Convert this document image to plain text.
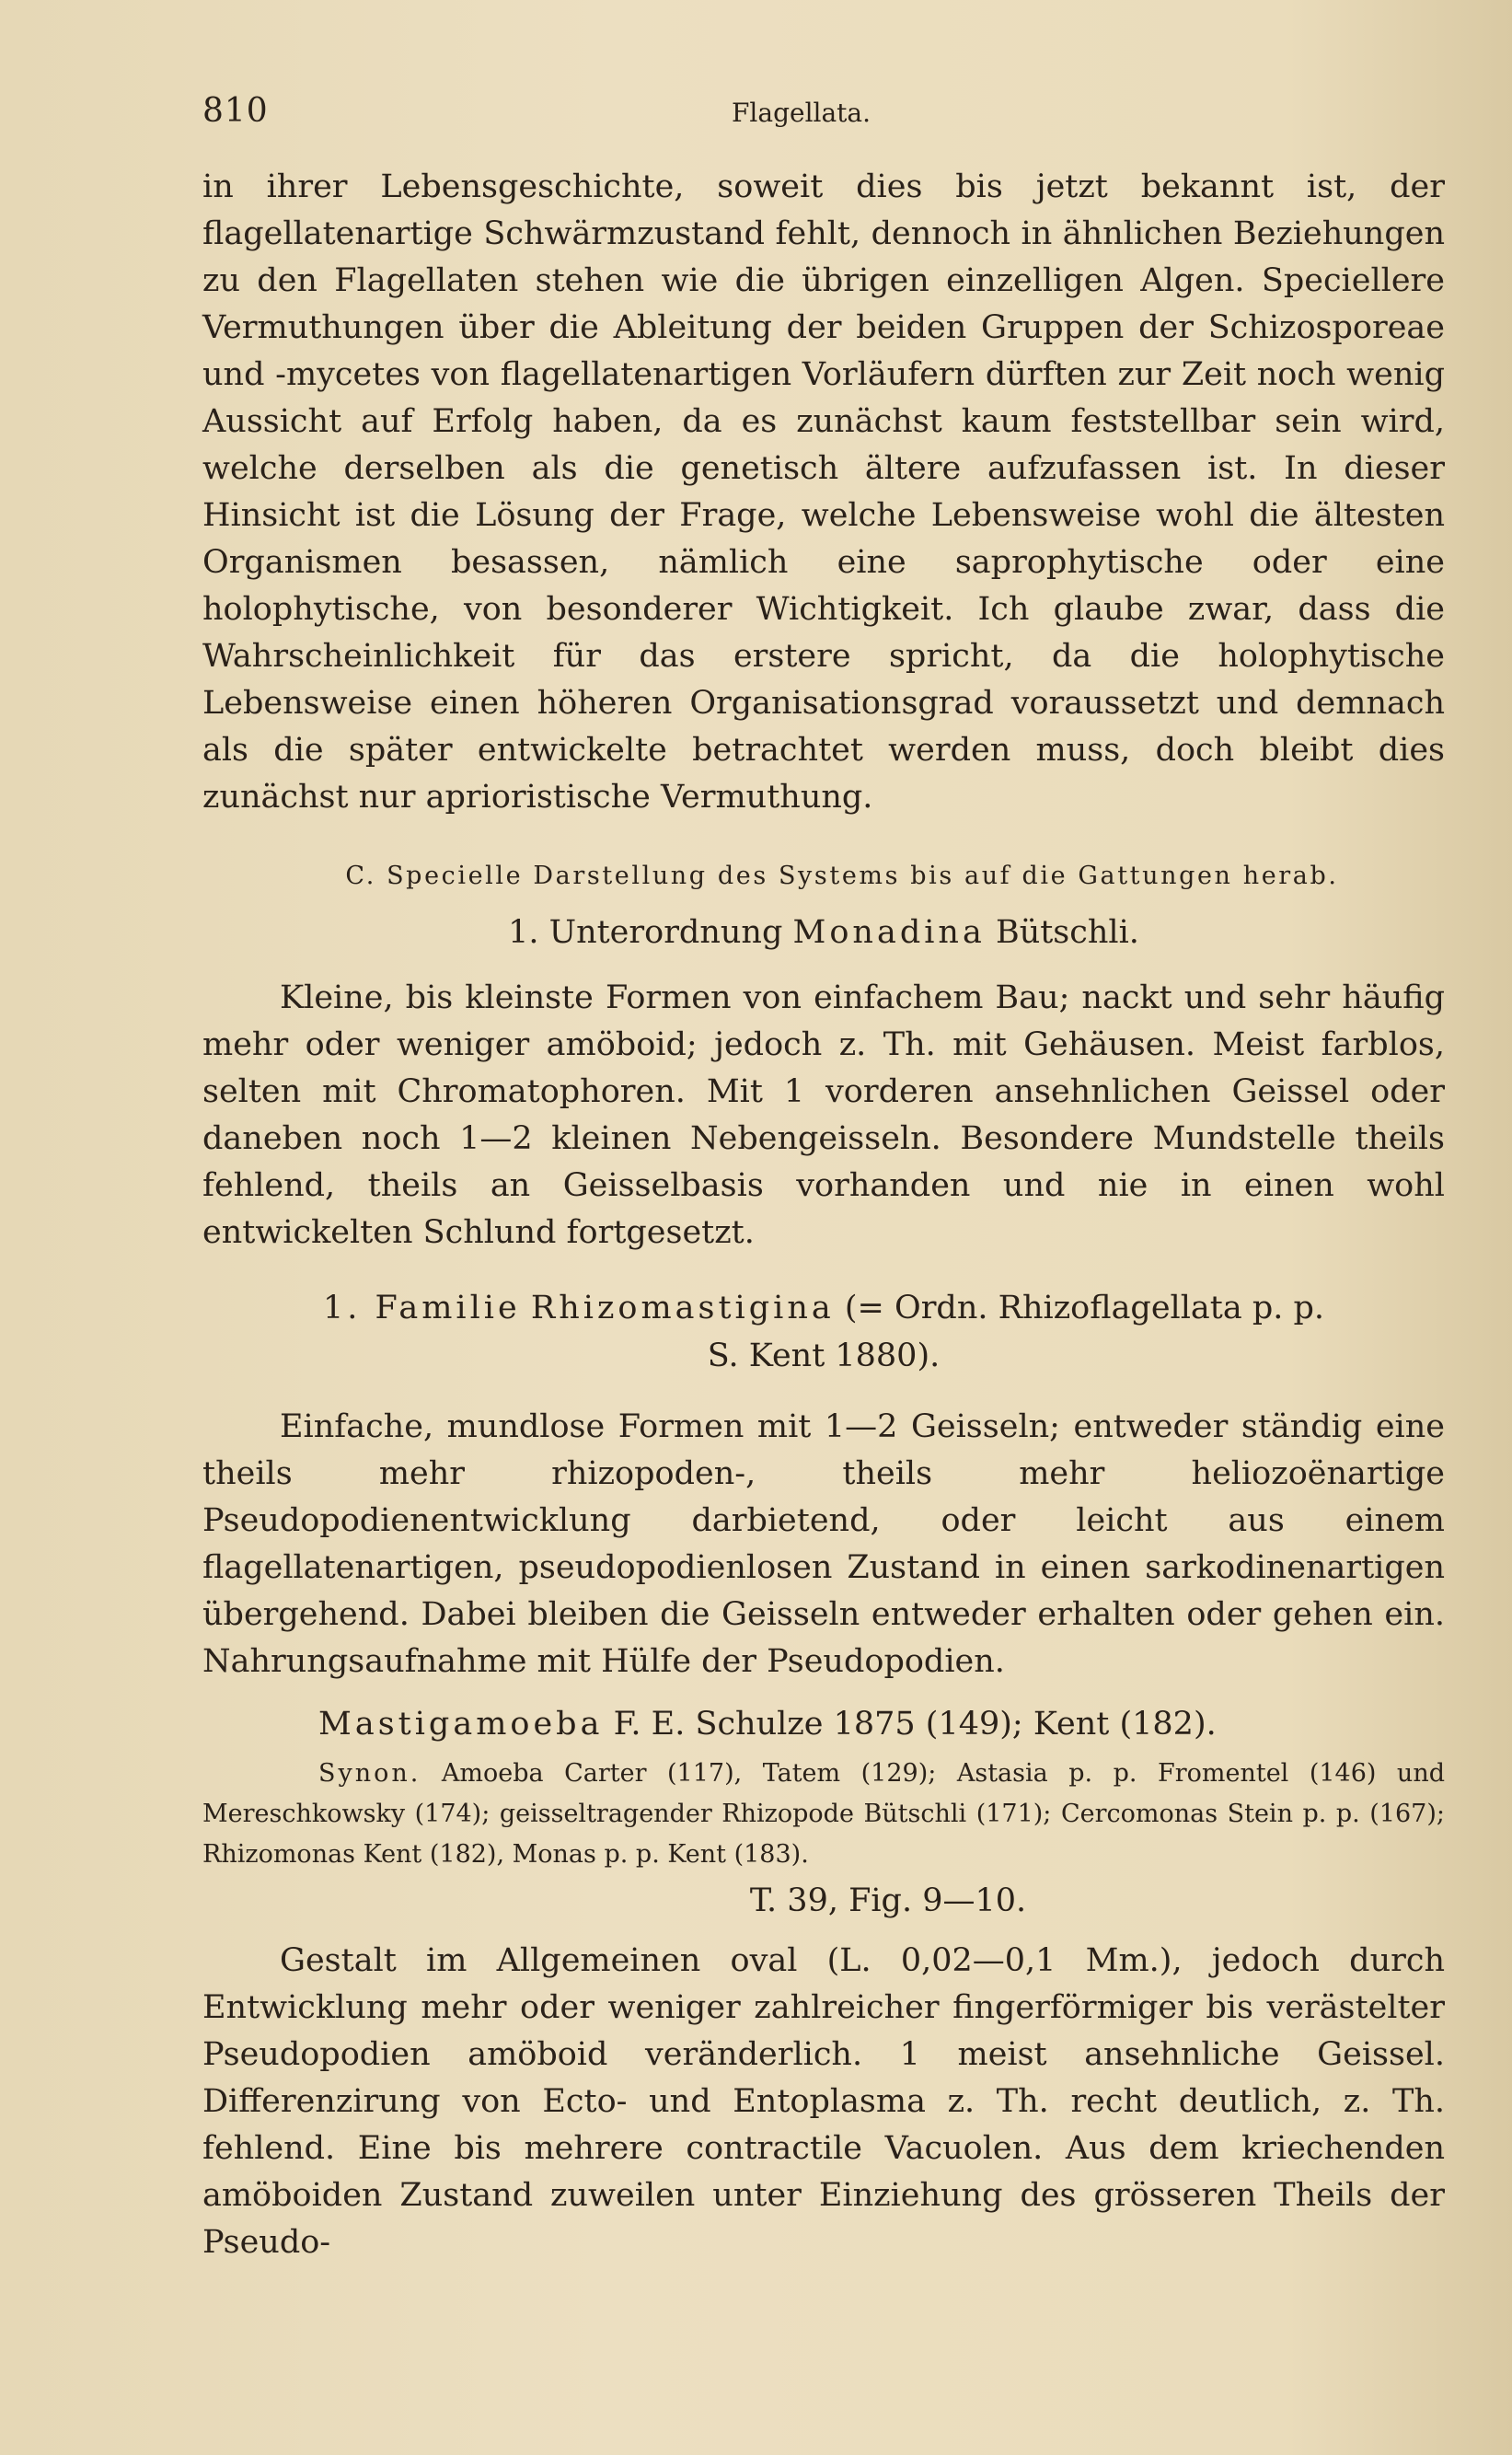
810	Flagellata.

in ihrer Lebensgeschichte, soweit dies bis jetzt bekannt ist, der flagellatenartige Schwärmzustand fehlt, dennoch in ähnlichen Beziehungen zu den Flagellaten stehen wie die übrigen einzelligen Algen. Speciellere Vermuthungen über die Ableitung der beiden Gruppen der Schizosporeae und -mycetes von flagellatenartigen Vorläufern dürften zur Zeit noch wenig Aussicht auf Erfolg haben, da es zunächst kaum feststellbar sein wird, welche derselben als die genetisch ältere aufzufassen ist. In dieser Hinsicht ist die Lösung der Frage, welche Lebensweise wohl die ältesten Organismen besassen, nämlich eine saprophytische oder eine holophytische, von besonderer Wichtigkeit. Ich glaube zwar, dass die Wahrscheinlichkeit für das erstere spricht, da die holophytische Lebensweise einen höheren Organisationsgrad voraussetzt und demnach als die später entwickelte betrachtet werden muss, doch bleibt dies zunächst nur aprioristische Vermuthung.

C. Specielle Darstellung des Systems bis auf die Gattungen herab.

1. Unterordnung Monadina Bütschli.

Kleine, bis kleinste Formen von einfachem Bau; nackt und sehr häufig mehr oder weniger amöboid; jedoch z. Th. mit Gehäusen. Meist farblos, selten mit Chromatophoren. Mit 1 vorderen ansehnlichen Geissel oder daneben noch 1—2 kleinen Nebengeisseln. Besondere Mundstelle theils fehlend, theils an Geisselbasis vorhanden und nie in einen wohl entwickelten Schlund fortgesetzt.

1. Familie Rhizomastigina (= Ordn. Rhizoflagellata p. p.
S. Kent 1880).

Einfache, mundlose Formen mit 1—2 Geisseln; entweder ständig eine theils mehr rhizopoden-, theils mehr heliozoënartige Pseudopodienentwicklung darbietend, oder leicht aus einem flagellatenartigen, pseudopodienlosen Zustand in einen sarkodinenartigen übergehend. Dabei bleiben die Geisseln entweder erhalten oder gehen ein. Nahrungsaufnahme mit Hülfe der Pseudopodien.

Mastigamoeba F. E. Schulze 1875 (149); Kent (182).

Synon. Amoeba Carter (117), Tatem (129); Astasia p. p. Fromentel (146) und Mereschkowsky (174); geisseltragender Rhizopode Bütschli (171); Cercomonas Stein p. p. (167); Rhizomonas Kent (182), Monas p. p. Kent (183).

T. 39, Fig. 9—10.

Gestalt im Allgemeinen oval (L. 0,02—0,1 Mm.), jedoch durch Entwicklung mehr oder weniger zahlreicher fingerförmiger bis verästelter Pseudopodien amöboid veränderlich. 1 meist ansehnliche Geissel. Differenzirung von Ecto- und Entoplasma z. Th. recht deutlich, z. Th. fehlend. Eine bis mehrere contractile Vacuolen. Aus dem kriechenden amöboiden Zustand zuweilen unter Einziehung des grösseren Theils der Pseudo-
